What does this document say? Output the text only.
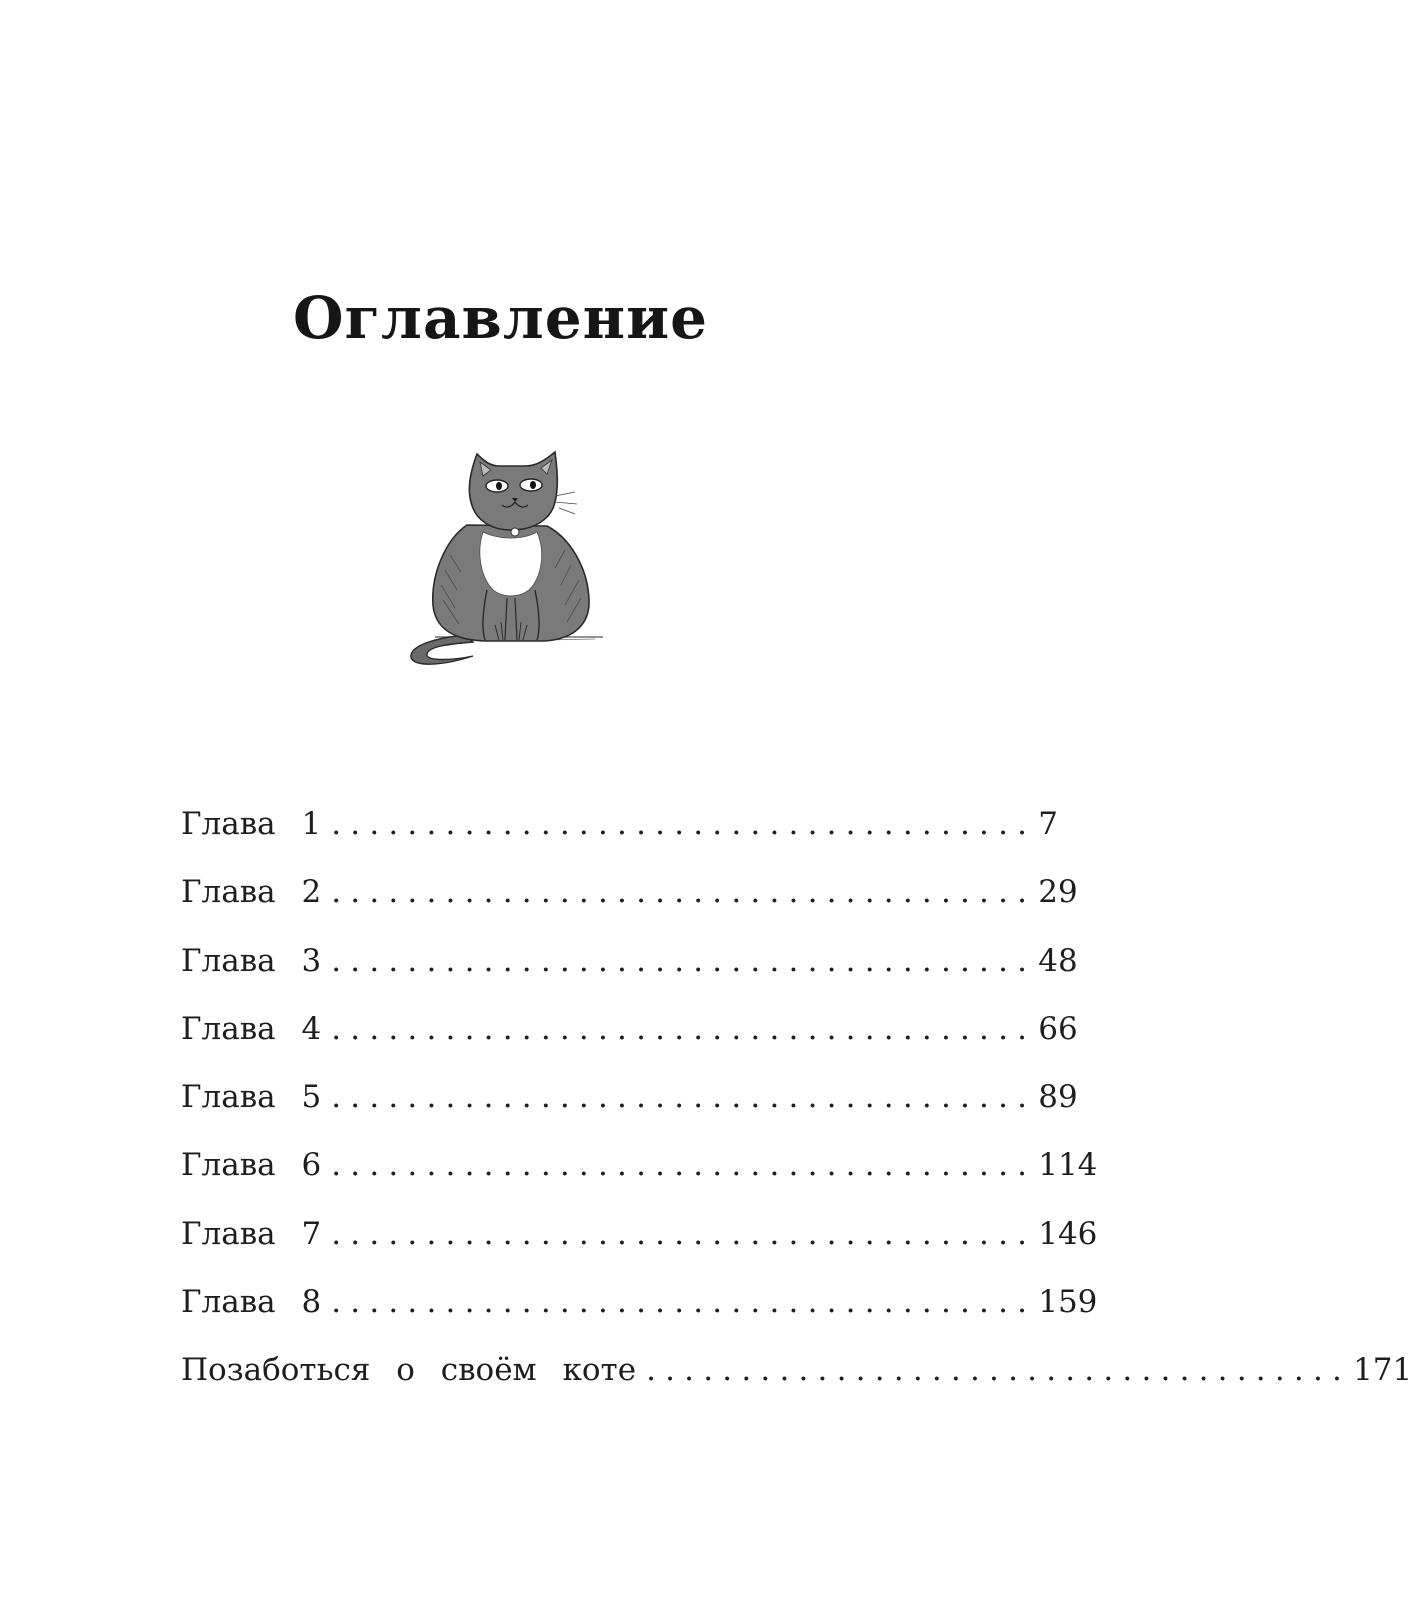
Оглавление
Глава 1 ..................................... 7
Глава 2 ..................................... 29
Глава 3 ..................................... 48
Глава 4 ..................................... 66
Глава 5 ..................................... 89
Глава 6 ..................................... 114
Глава 7 ..................................... 146
Глава 8 ..................................... 159
Позаботься о своём коте ..................................... 171
